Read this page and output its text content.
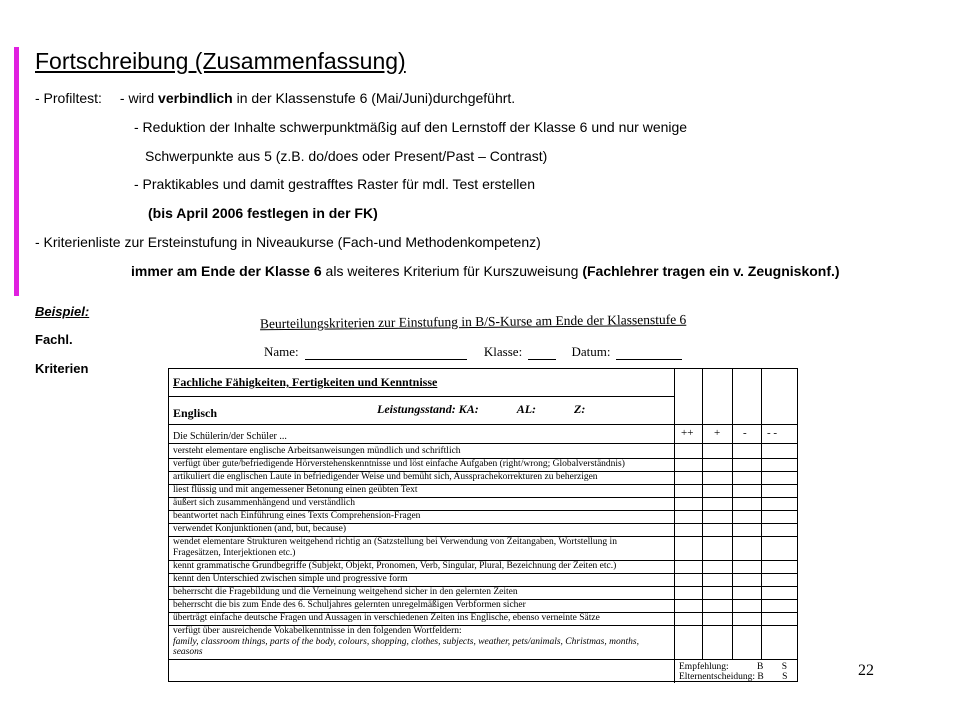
Fortschreibung (Zusammenfassung)
- Profiltest: - wird verbindlich in der Klassenstufe 6 (Mai/Juni)durchgeführt.
- Reduktion der Inhalte schwerpunktmäßig auf den Lernstoff der Klasse 6 und nur wenige
Schwerpunkte aus 5 (z.B. do/does oder Present/Past – Contrast)
- Praktikables und damit gestrafftes Raster für mdl. Test erstellen
(bis April 2006 festlegen in der FK)
- Kriterienliste zur Ersteinstufung in Niveaukurse (Fach-und Methodenkompetenz)
immer am Ende der Klasse 6 als weiteres Kriterium für Kurszuweisung (Fachlehrer tragen ein v. Zeugniskonf.)
Beispiel:
Fachl.
Kriterien
Beurteilungskriterien zur Einstufung in B/S-Kurse am Ende der Klassenstufe 6
Name:	Klasse:	Datum:
Fachliche Fähigkeiten, Fertigkeiten und Kenntnisse
Englisch	Leistungsstand: KA:	AL:	Z:
Die Schülerin/der Schüler ...	++ + - - -
versteht elementare englische Arbeitsanweisungen mündlich und schriftlich
verfügt über gute/befriedigende Hörverstehenskenntnisse und löst einfache Aufgaben (right/wrong; Globalverständnis)
artikuliert die englischen Laute in befriedigender Weise und bemüht sich, Aussprachekorrekturen zu beherzigen
liest flüssig und mit angemessener Betonung einen geübten Text
äußert sich zusammenhängend und verständlich
beantwortet nach Einführung eines Texts Comprehension-Fragen
verwendet Konjunktionen (and, but, because)
wendet elementare Strukturen weitgehend richtig an (Satzstellung bei Verwendung von Zeitangaben, Wortstellung in
Fragesätzen, Interjektionen etc.)
kennt grammatische Grundbegriffe (Subjekt, Objekt, Pronomen, Verb, Singular, Plural, Bezeichnung der Zeiten etc.)
kennt den Unterschied zwischen simple und progressive form
beherrscht die Fragebildung und die Verneinung weitgehend sicher in den gelernten Zeiten
beherrscht die bis zum Ende des 6. Schuljahres gelernten unregelmäßigen Verbformen sicher
überträgt einfache deutsche Fragen und Aussagen in verschiedenen Zeiten ins Englische, ebenso verneinte Sätze
verfügt über ausreichende Vokabelkenntnisse in den folgenden Wortfeldern:
family, classroom things, parts of the body, colours, shopping, clothes, subjects, weather, pets/animals, Christmas, months,
seasons
Empfehlung:	B S
Elternentscheidung: B S	22
